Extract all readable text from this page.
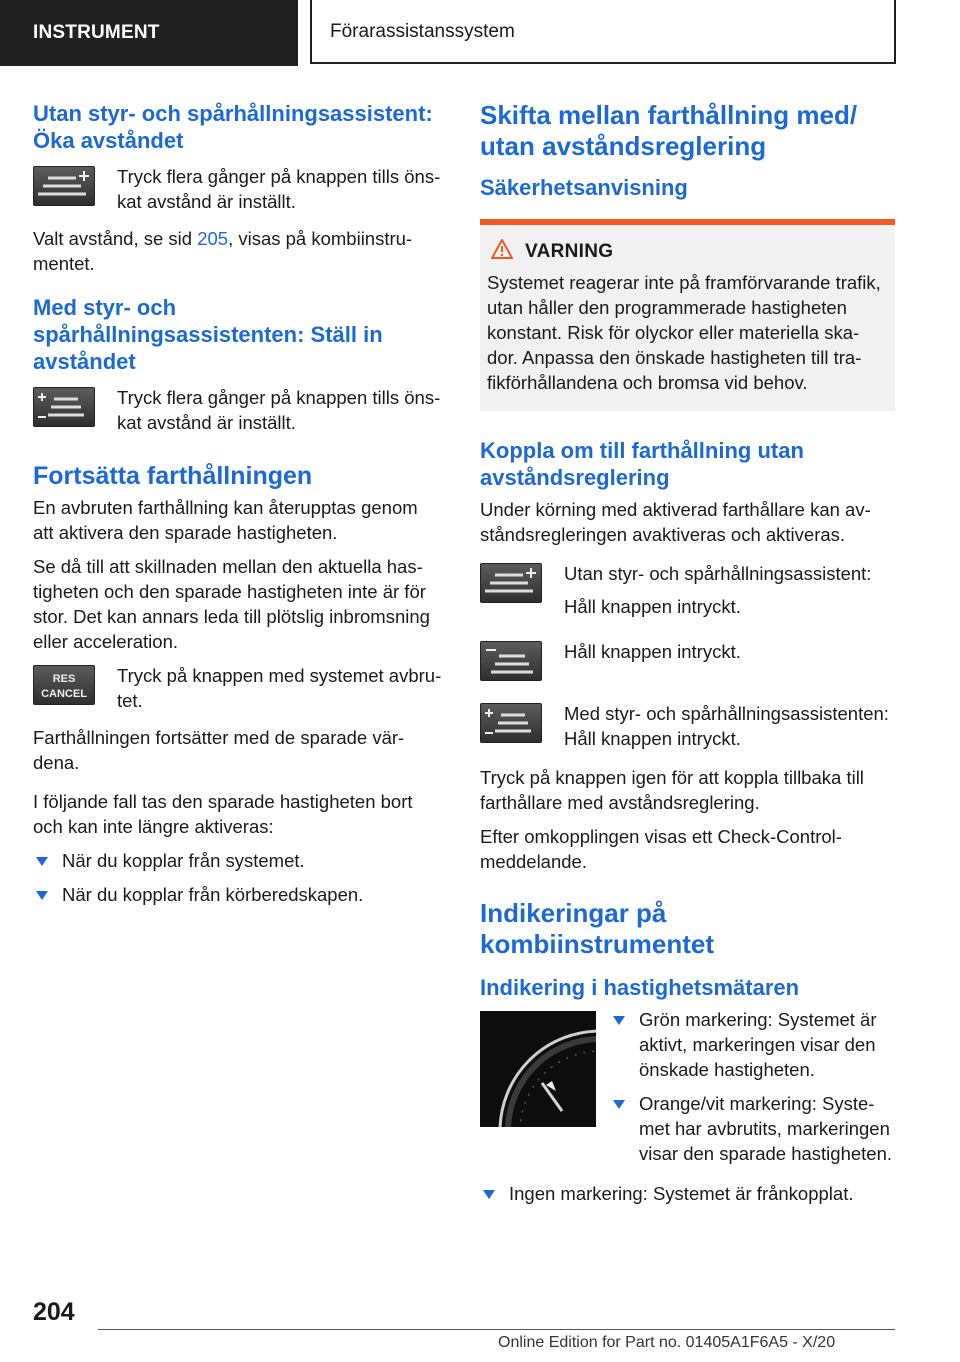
INSTRUMENT	Förarassistanssystem
Utan styr- och spårhållningsassistent: Öka avståndet
Tryck flera gånger på knappen tills öns-kat avstånd är inställt.

Valt avstånd, se sid 205, visas på kombiinstru-mentet.

Med styr- och spårhållningsassistenten: Ställ in avståndet
Tryck flera gånger på knappen tills öns-kat avstånd är inställt.
Fortsätta farthållningen

En avbruten farthållning kan återupptas genom att aktivera den sparade hastigheten.

Se då till att skillnaden mellan den aktuella has-tigheten och den sparade hastigheten inte är för stor. Det kan annars leda till plötslig inbromsning eller acceleration.

RES
CANCEL
Tryck på knappen med systemet avbru-tet.

Farthållningen fortsätter med de sparade vär-dena.

I följande fall tas den sparade hastigheten bort och kan inte längre aktiveras:

När du kopplar från systemet.
När du kopplar från körberedskapen.
Skifta mellan farthållning med/ utan avståndsreglering
Säkerhetsanvisning
VARNING

Systemet reagerar inte på framförvarande trafik, utan håller den programmerade hastigheten konstant. Risk för olyckor eller materiella ska-dor. Anpassa den önskade hastigheten till tra-fikförhållandena och bromsa vid behov.

Koppla om till farthållning utan avståndsreglering

Under körning med aktiverad farthållare kan av-ståndsregleringen avaktiveras och aktiveras.

Utan styr- och spårhållningsassistent:

Håll knappen intryckt.

Håll knappen intryckt.
Med styr- och spårhållningsassistenten: Håll knappen intryckt.

Tryck på knappen igen för att koppla tillbaka till farthållare med avståndsreglering.

Efter omkopplingen visas ett Check-Control-meddelande.

Indikeringar på kombiinstrumentet
Indikering i hastighetsmätaren
Grön markering: Systemet är aktivt, markeringen visar den önskade hastigheten.
Orange/vit markering: Syste-met har avbrutits, markeringen visar den sparade hastigheten.
Ingen markering: Systemet är frånkopplat.
204
Online Edition for Part no. 01405A1F6A5 - X/20
